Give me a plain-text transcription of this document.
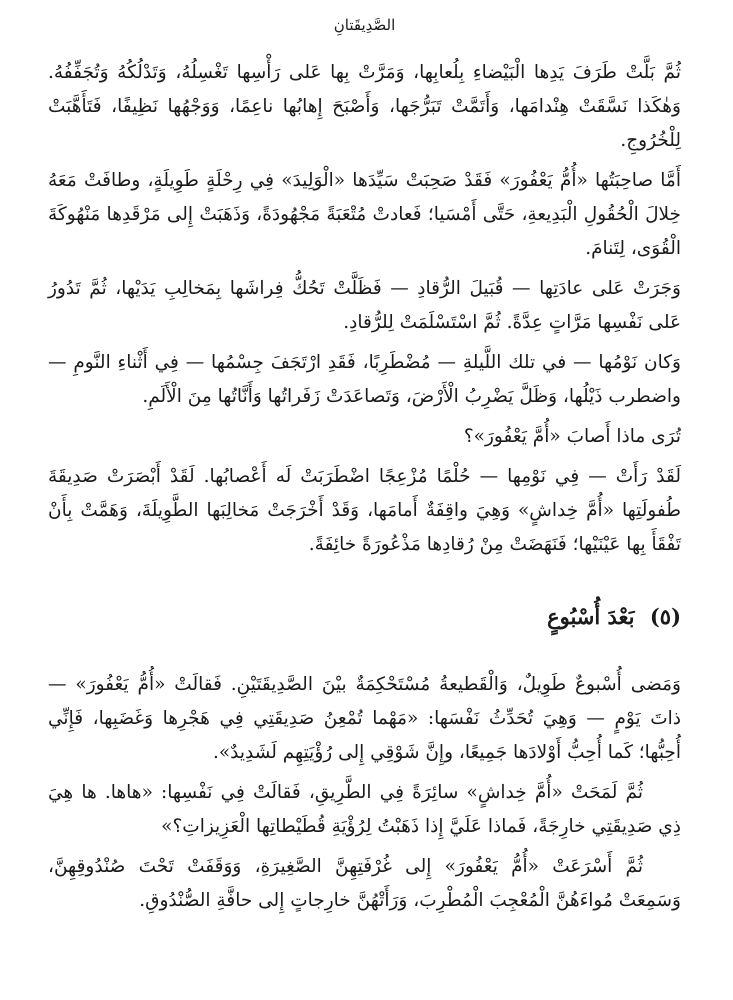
الصَّدِيقَتانِ

ثُمَّ بَلَّتْ طَرَفَ يَدِها الْبَيْضاءِ بِلُعابِها، وَمَرَّتْ بِها عَلى رَأْسِها تَغْسِلُهُ، وَتَدْلُكُهُ وَتُجَفِّفُهُ. وَهٰكَذا نَسَّقَتْ هِنْدامَها، وَأَتَمَّتْ تَبَرُّجَها، وَأَصْبَحَ إِهابُها ناعِمًا، وَوَجْهُها نَظِيفًا، فَتَأَهَّبَتْ لِلْخُرُوجِ.

أَمَّا صاحِبَتُها «أُمُّ يَعْفُورَ» فَقَدْ صَحِبَتْ سَيِّدَها «الْوَلِيدَ» فِي رِحْلَةٍ طَوِيلَةٍ، وطافَتْ مَعَهُ خِلالَ الْحُقُولِ الْبَدِيعةِ، حَتَّى أَمْسَيا؛ فَعادتْ مُتْعَبَةً مَجْهُودَةً، وَذَهَبَتْ إِلى مَرْقَدِها مَنْهُوكَةَ الْقُوَى، لِتَنامَ.

وَجَرَتْ عَلى عادَتِها — قُبَيلَ الرُّقادِ — فَظَلَّتْ تَحُكُّ فِراشَها بِمَخالِبِ يَدَيْها، ثُمَّ تَدُورُ عَلى نَفْسِها مَرَّاتٍ عِدَّةً. ثُمَّ اسْتَسْلَمَتْ لِلرُّقادِ.

وَكان نَوْمُها — في تلك اللَّيلةِ — مُضْطَرِبًا، فَقَدِ ارْتَجَفَ جِسْمُها — فِي أَثْناءِ النَّومِ — واضطرب ذَيْلُها، وَظَلَّ يَضْرِبُ الْأَرْضَ، وَتَصاعَدَتْ زَفَراتُها وَأَنَّاتُها مِنَ الْأَلَمِ.

تُرَى ماذا أَصابَ «أُمَّ يَعْفُورَ»؟

لَقَدْ رَأَتْ — فِي نَوْمِها — حُلْمًا مُزْعِجًا اضْطَرَبَتْ لَه أَعْصابُها. لَقَدْ أَبْصَرَتْ صَدِيقَةَ طُفولَتِها «أُمَّ خِداشٍ» وَهِيَ واقِفَةٌ أَمامَها، وَقَدْ أَخْرَجَتْ مَخالِبَها الطَّوِيلَةَ، وَهَمَّتْ بِأَنْ تَفْقَأَ بِها عَيْنَيْها؛ فَنَهَضَتْ مِنْ رُقادِها مَذْعُورَةً خائِفَةً.

(٥) بَعْدَ أُسْبُوعٍ

وَمَضى أُسْبوعٌ طَوِيلٌ، وَالْقَطيعةُ مُسْتَحْكِمَةٌ بيْنَ الصَّدِيقَتَيْنِ. فَقالَتْ «أُمُّ يَعْفُورَ» — ذاتَ يَوْمٍ — وَهِيَ تُحَدِّثُ نَفْسَها: «مَهْما تُمْعِنُ صَدِيقَتِي فِي هَجْرِها وَغَضَبِها، فَإِنِّي أُحِبُّها؛ كَما أُحِبُّ أَوْلادَها جَمِيعًا، وإِنَّ شَوْقِي إِلى رُؤْيَتِهِم لَشَدِيدٌ».

ثُمَّ لَمَحَتْ «أُمَّ خِداشٍ» سائِرَةً فِي الطَّرِيقِ، فَقالَتْ فِي نَفْسِها: «هاها. ها هِيَ ذِي صَدِيقَتِي خارِجَةً، فَماذا عَلَيَّ إِذا ذَهَبْتُ لِرُؤْيَةِ قُطَيْطاتِها الْعَزِيزاتِ؟»

ثُمَّ أَسْرَعَتْ «أُمُّ يَعْفُورَ» إِلى غُرْفَتِهِنَّ الصَّغِيرَةِ، وَوَقَفَتْ تَحْتَ صُنْدُوقِهِنَّ، وَسَمِعَتْ مُواءَهُنَّ الْمُعْجِبَ الْمُطْرِبَ، وَرَأَتْهُنَّ خارِجاتٍ إِلى حافَّةِ الصُّنْدُوقِ.
